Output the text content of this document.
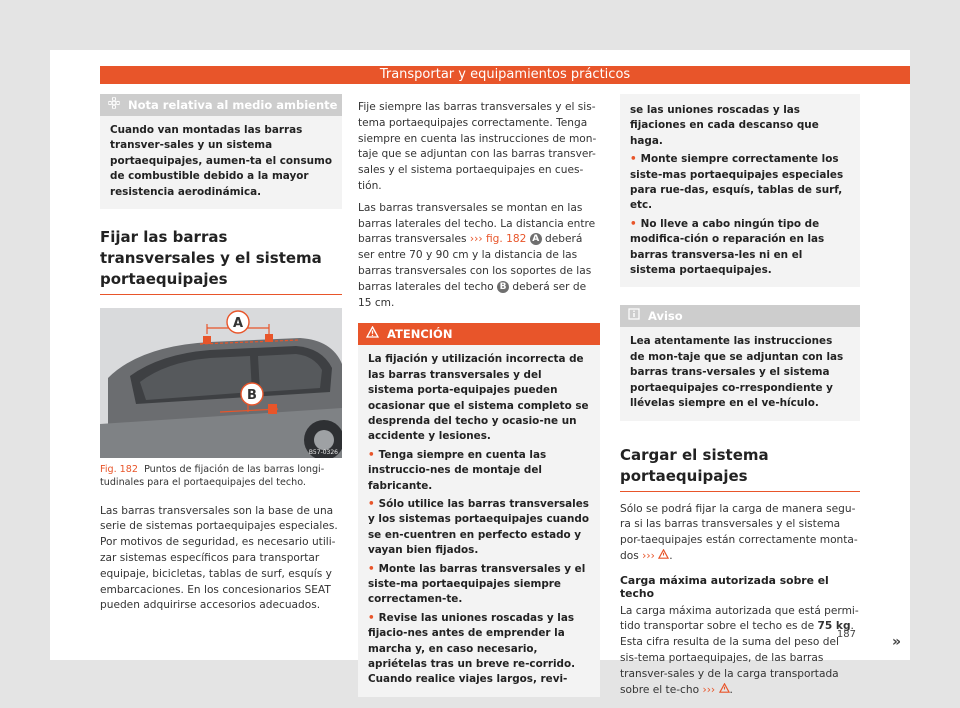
Transportar y equipamientos prácticos
Nota relativa al medio ambiente
Cuando van montadas las barras transver-sales y un sistema portaequipajes, aumen-ta el consumo de combustible debido a la mayor resistencia aerodinámica.
Fijar las barras transversales y el sistema portaequipajes
A
B
B57-0326
Fig. 182 Puntos de fijación de las barras longi-tudinales para el portaequipajes del techo.
Las barras transversales son la base de una serie de sistemas portaequipajes especiales. Por motivos de seguridad, es necesario utili-zar sistemas específicos para transportar equipaje, bicicletas, tablas de surf, esquís y embarcaciones. En los concesionarios SEAT pueden adquirirse accesorios adecuados.
Fije siempre las barras transversales y el sis-tema portaequipajes correctamente. Tenga siempre en cuenta las instrucciones de mon-taje que se adjuntan con las barras transver-sales y el sistema portaequipajes en cues-tión.
Las barras transversales se montan en las barras laterales del techo. La distancia entre barras transversales ››› fig. 182 A deberá ser entre 70 y 90 cm y la distancia de las barras transversales con los soportes de las barras laterales del techo B deberá ser de 15 cm.
ATENCIÓN
La fijación y utilización incorrecta de las barras transversales y del sistema porta-equipajes pueden ocasionar que el sistema completo se desprenda del techo y ocasio-ne un accidente y lesiones.
• Tenga siempre en cuenta las instruccio-nes de montaje del fabricante.
• Sólo utilice las barras transversales y los sistemas portaequipajes cuando se en-cuentren en perfecto estado y vayan bien fijados.
• Monte las barras transversales y el siste-ma portaequipajes siempre correctamen-te.
• Revise las uniones roscadas y las fijacio-nes antes de emprender la marcha y, en caso necesario, apriételas tras un breve re-corrido. Cuando realice viajes largos, revi-
se las uniones roscadas y las fijaciones en cada descanso que haga.
• Monte siempre correctamente los siste-mas portaequipajes especiales para rue-das, esquís, tablas de surf, etc.
• No lleve a cabo ningún tipo de modifica-ción o reparación en las barras transversa-les ni en el sistema portaequipajes.
Aviso
Lea atentamente las instrucciones de mon-taje que se adjuntan con las barras trans-versales y el sistema portaequipajes co-rrespondiente y llévelas siempre en el ve-hículo.
Cargar el sistema portaequipajes
Sólo se podrá fijar la carga de manera segu-ra si las barras transversales y el sistema por-taequipajes están correctamente monta-dos ››› .
Carga máxima autorizada sobre el techo
La carga máxima autorizada que está permi-tido transportar sobre el techo es de 75 kg. Esta cifra resulta de la suma del peso del sis-tema portaequipajes, de las barras transver-sales y de la carga transportada sobre el te-cho ››› .
»
187
